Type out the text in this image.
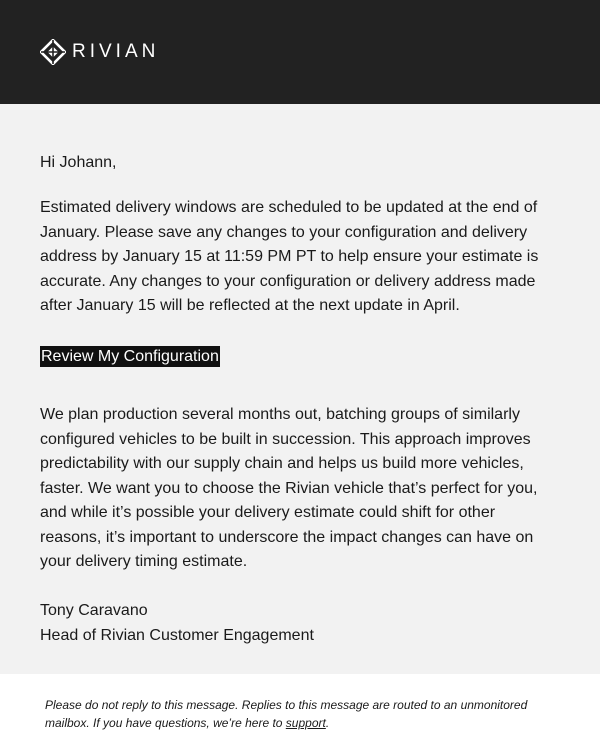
RIVIAN

Hi Johann,

Estimated delivery windows are scheduled to be updated at the end of January. Please save any changes to your configuration and delivery address by January 15 at 11:59 PM PT to help ensure your estimate is accurate. Any changes to your configuration or delivery address made after January 15 will be reflected at the next update in April.

Review My Configuration

We plan production several months out, batching groups of similarly configured vehicles to be built in succession. This approach improves predictability with our supply chain and helps us build more vehicles, faster. We want you to choose the Rivian vehicle that’s perfect for you, and while it’s possible your delivery estimate could shift for other reasons, it’s important to underscore the impact changes can have on your delivery timing estimate.

Tony Caravano

Head of Rivian Customer Engagement

Please do not reply to this message. Replies to this message are routed to an unmonitored mailbox. If you have questions, we’re here to support.
